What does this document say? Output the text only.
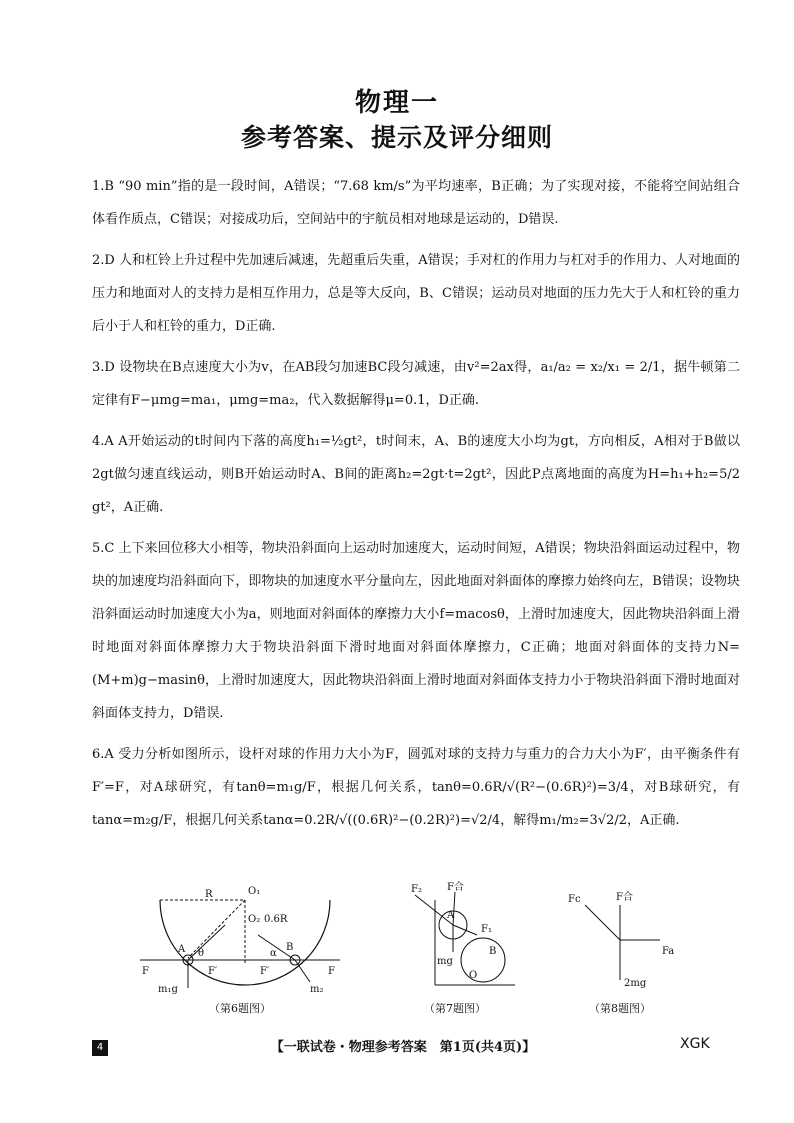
物理一
参考答案、提示及评分细则

1.B “90 min”指的是一段时间，A错误；“7.68 km/s”为平均速率，B正确；为了实现对接，不能将空间站组合体看作质点，C错误；对接成功后，空间站中的宇航员相对地球是运动的，D错误.

2.D 人和杠铃上升过程中先加速后减速，先超重后失重，A错误；手对杠的作用力与杠对手的作用力、人对地面的压力和地面对人的支持力是相互作用力，总是等大反向，B、C错误；运动员对地面的压力先大于人和杠铃的重力后小于人和杠铃的重力，D正确.

3.D 设物块在B点速度大小为v，在AB段匀加速BC段匀减速，由v²=2ax得，a₁/a₂ = x₂/x₁ = 2/1，据牛顿第二定律有F−μmg=ma₁，μmg=ma₂，代入数据解得μ=0.1，D正确.

4.A A开始运动的t时间内下落的高度h₁=½gt²，t时间末，A、B的速度大小均为gt，方向相反，A相对于B做以2gt做匀速直线运动，则B开始运动时A、B间的距离h₂=2gt·t=2gt²，因此P点离地面的高度为H=h₁+h₂=5/2 gt²，A正确.

5.C 上下来回位移大小相等，物块沿斜面向上运动时加速度大，运动时间短，A错误；物块沿斜面运动过程中，物块的加速度均沿斜面向下，即物块的加速度水平分量向左，因此地面对斜面体的摩擦力始终向左，B错误；设物块沿斜面运动时加速度大小为a，则地面对斜面体的摩擦力大小f=macosθ，上滑时加速度大，因此物块沿斜面上滑时地面对斜面体摩擦力大于物块沿斜面下滑时地面对斜面体摩擦力，C正确；地面对斜面体的支持力N=(M+m)g−masinθ，上滑时加速度大，因此物块沿斜面上滑时地面对斜面体支持力小于物块沿斜面下滑时地面对斜面体支持力，D错误.

6.A 受力分析如图所示，设杆对球的作用力大小为F，圆弧对球的支持力与重力的合力大小为F′，由平衡条件有F′=F，对A球研究，有tanθ=m₁g/F，根据几何关系，tanθ=0.6R/√(R²−(0.6R)²)=3/4，对B球研究，有tanα=m₂g/F，根据几何关系tanα=0.2R/√((0.6R)²−(0.2R)²)=√2/4，解得m₁/m₂=3√2/2，A正确.

R	O₁
O₂ 0.6R
A	B
θ	α
F	F
F′	F′
m₁g	m₂
（第6题图）
F₂	F合
F₁
A
B
mg
O
（第7题图）
Fc	F合
Fa
2mg
（第8题图）
4	【一联试卷・物理参考答案　第1页(共4页)】	XGK
